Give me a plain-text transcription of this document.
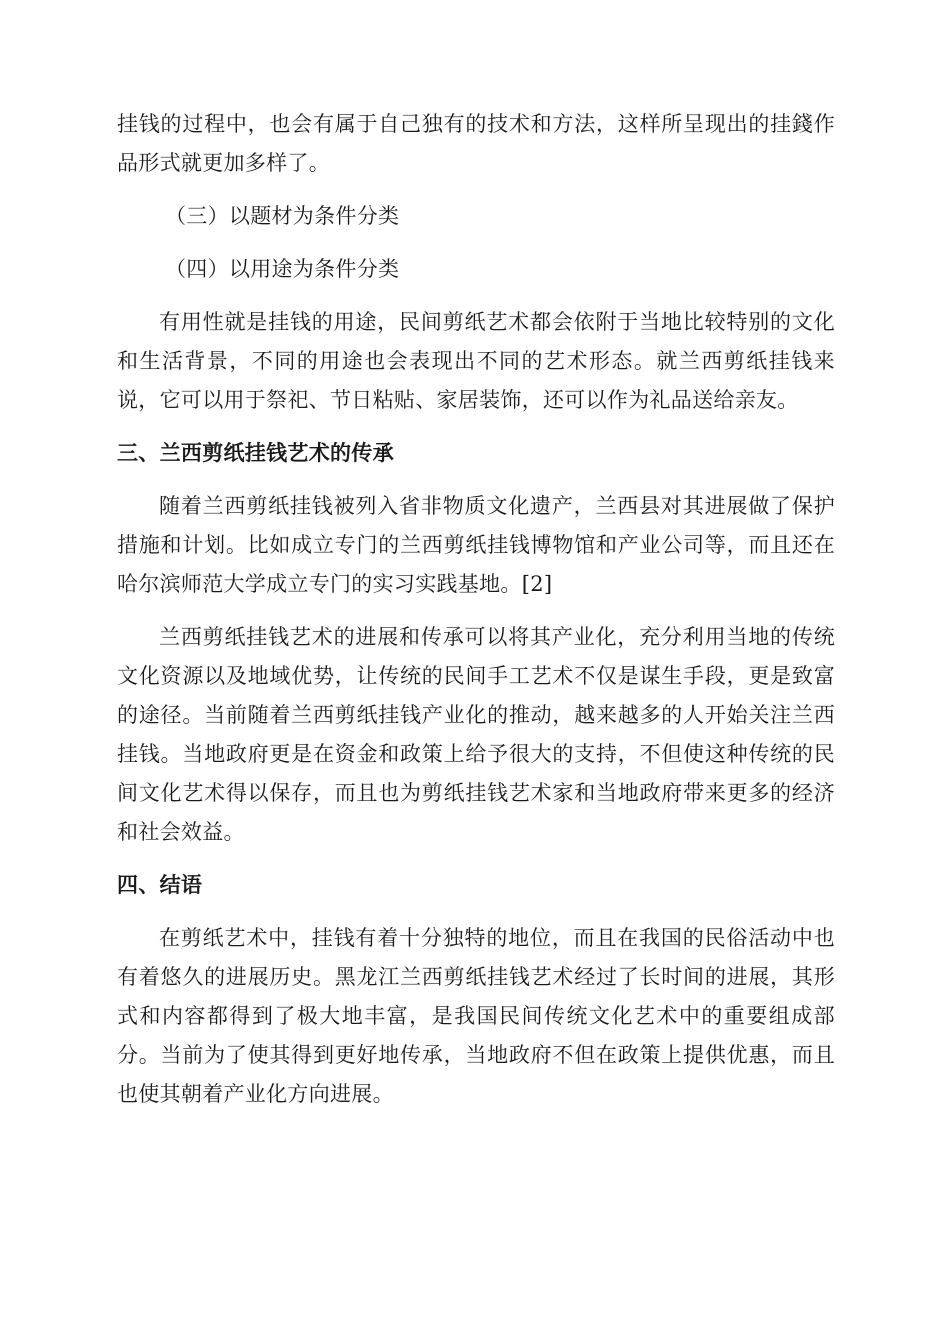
挂钱的过程中，也会有属于自己独有的技术和方法，这样所呈现出的挂錢作品形式就更加多样了。

（三）以题材为条件分类

（四）以用途为条件分类

有用性就是挂钱的用途，民间剪纸艺术都会依附于当地比较特别的文化和生活背景，不同的用途也会表现出不同的艺术形态。就兰西剪纸挂钱来说，它可以用于祭祀、节日粘贴、家居装饰，还可以作为礼品送给亲友。

三、兰西剪纸挂钱艺术的传承

随着兰西剪纸挂钱被列入省非物质文化遗产，兰西县对其进展做了保护措施和计划。比如成立专门的兰西剪纸挂钱博物馆和产业公司等，而且还在哈尔滨师范大学成立专门的实习实践基地。[2]

兰西剪纸挂钱艺术的进展和传承可以将其产业化，充分利用当地的传统文化资源以及地域优势，让传统的民间手工艺术不仅是谋生手段，更是致富的途径。当前随着兰西剪纸挂钱产业化的推动，越来越多的人开始关注兰西挂钱。当地政府更是在资金和政策上给予很大的支持，不但使这种传统的民间文化艺术得以保存，而且也为剪纸挂钱艺术家和当地政府带来更多的经济和社会效益。

四、结语

在剪纸艺术中，挂钱有着十分独特的地位，而且在我国的民俗活动中也有着悠久的进展历史。黑龙江兰西剪纸挂钱艺术经过了长时间的进展，其形式和内容都得到了极大地丰富，是我国民间传统文化艺术中的重要组成部分。当前为了使其得到更好地传承，当地政府不但在政策上提供优惠，而且也使其朝着产业化方向进展。
